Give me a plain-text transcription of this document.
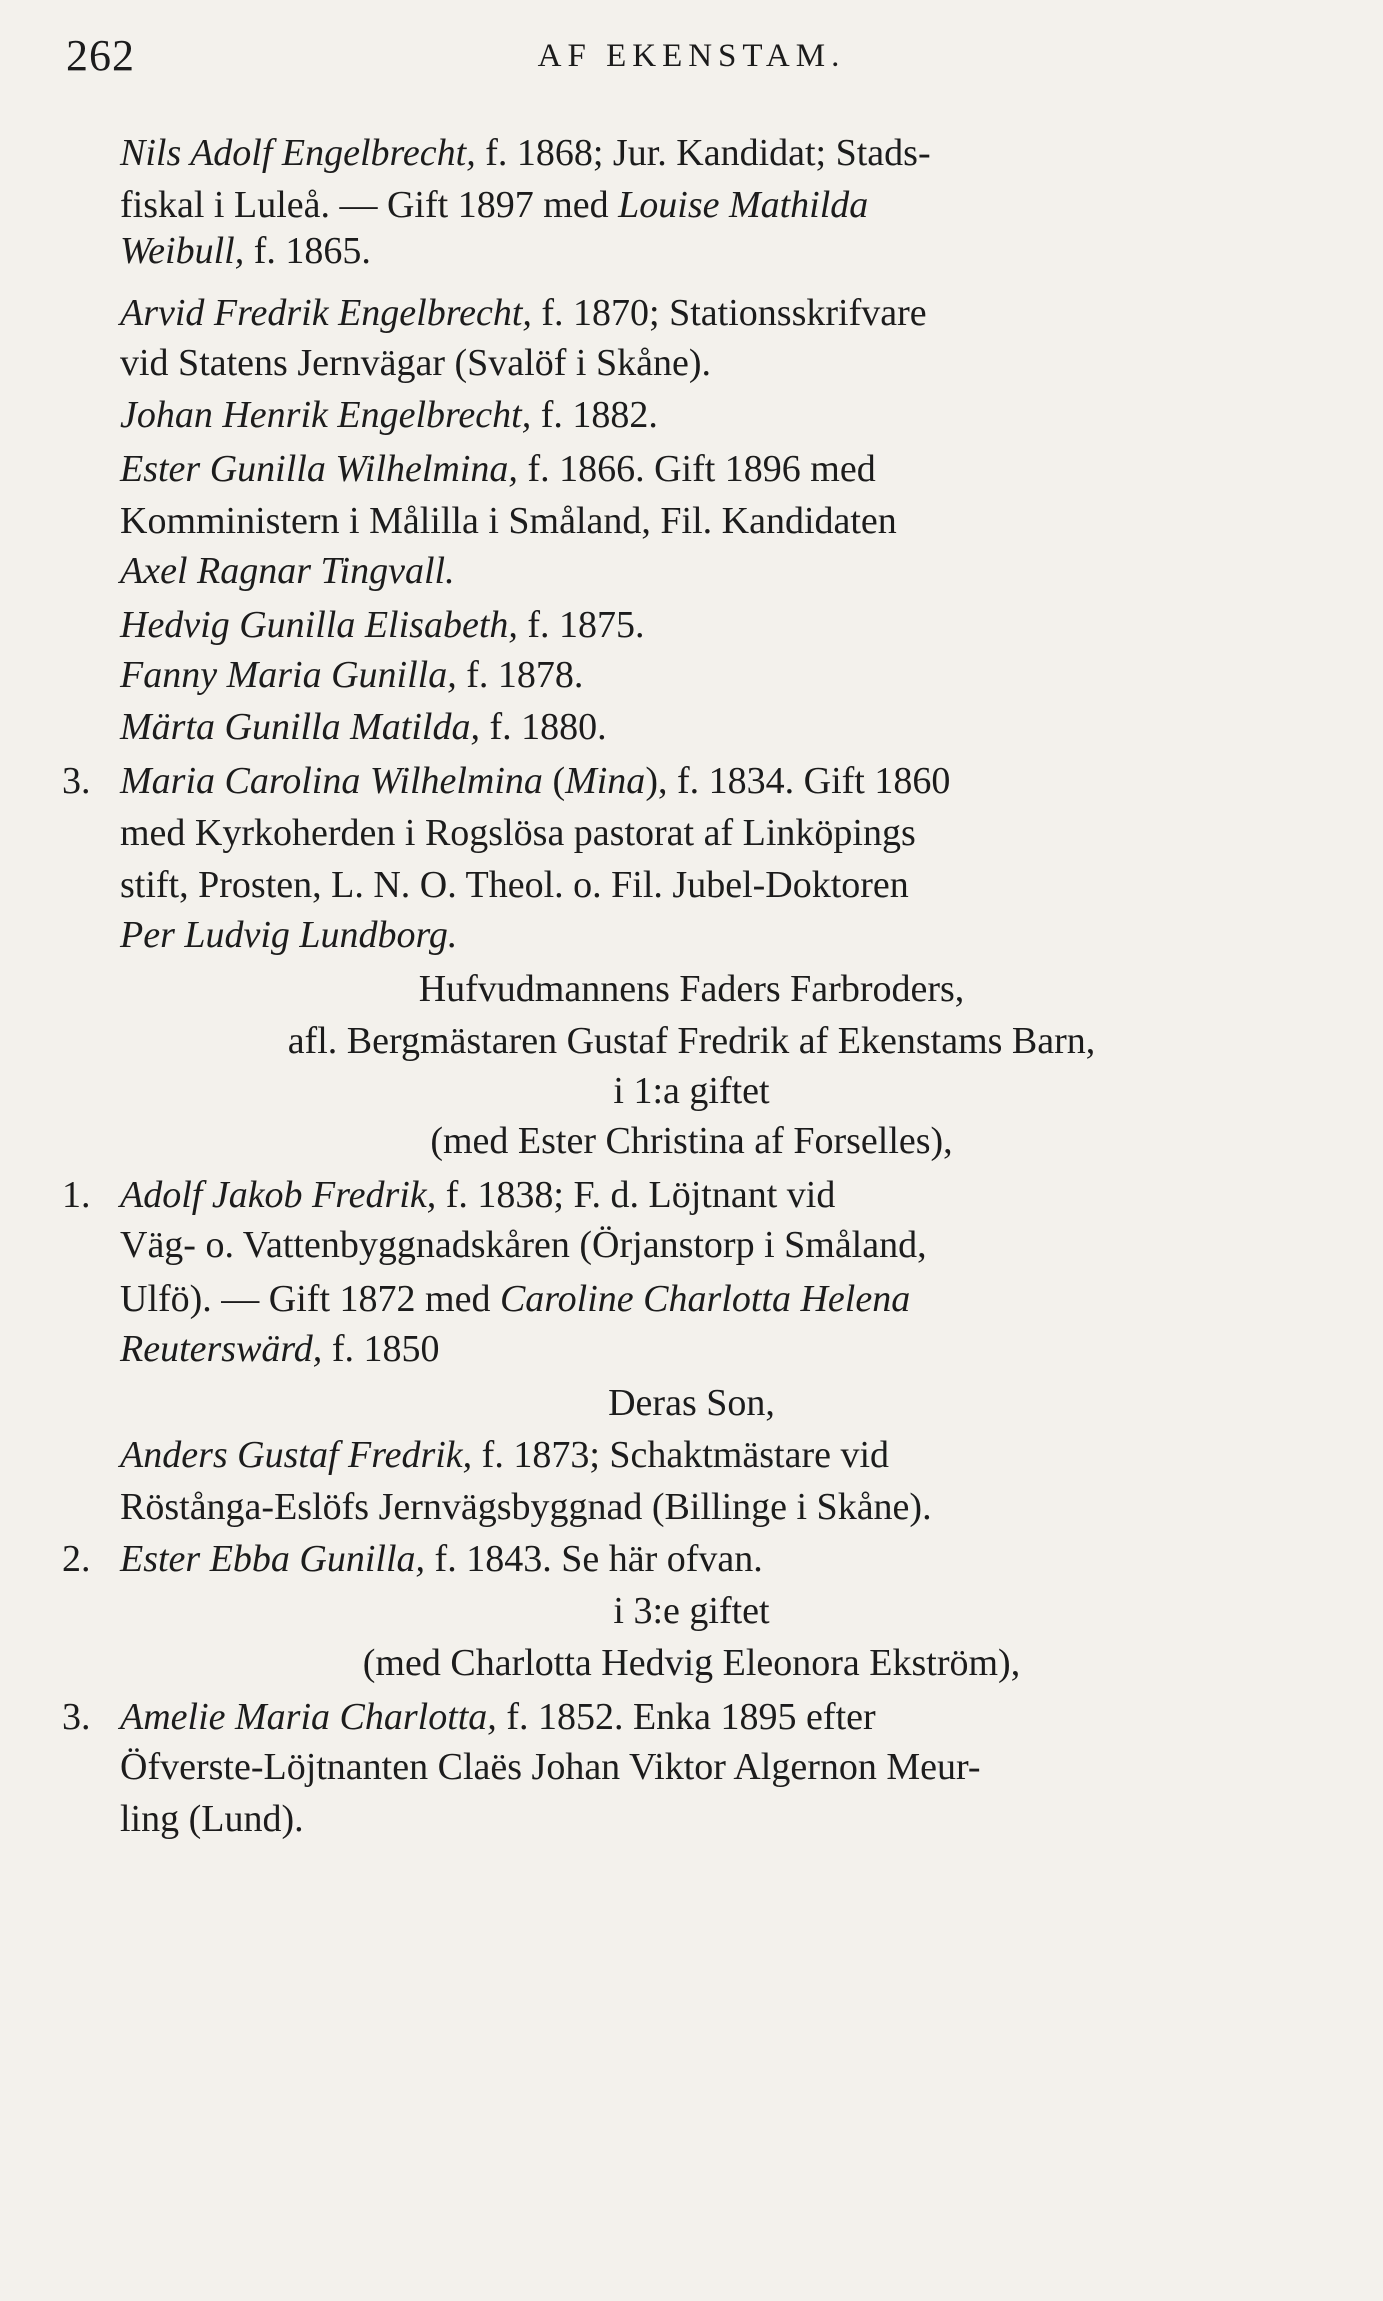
262	AF EKENSTAM.
Nils Adolf Engelbrecht, f. 1868; Jur. Kandidat; Stads-
fiskal i Luleå. — Gift 1897 med Louise Mathilda
Weibull, f. 1865.
Arvid Fredrik Engelbrecht, f. 1870; Stationsskrifvare
vid Statens Jernvägar (Svalöf i Skåne).
Johan Henrik Engelbrecht, f. 1882.
Ester Gunilla Wilhelmina, f. 1866. Gift 1896 med
Komministern i Målilla i Småland, Fil. Kandidaten
Axel Ragnar Tingvall.
Hedvig Gunilla Elisabeth, f. 1875.
Fanny Maria Gunilla, f. 1878.
Märta Gunilla Matilda, f. 1880.
3. Maria Carolina Wilhelmina (Mina), f. 1834. Gift 1860
med Kyrkoherden i Rogslösa pastorat af Linköpings
stift, Prosten, L. N. O. Theol. o. Fil. Jubel-Doktoren
Per Ludvig Lundborg.
Hufvudmannens Faders Farbroders,
afl. Bergmästaren Gustaf Fredrik af Ekenstams Barn,
i 1:a giftet
(med Ester Christina af Forselles),
1. Adolf Jakob Fredrik, f. 1838; F. d. Löjtnant vid
Väg- o. Vattenbyggnadskåren (Örjanstorp i Småland,
Ulfö). — Gift 1872 med Caroline Charlotta Helena
Reuterswärd, f. 1850
Deras Son,
Anders Gustaf Fredrik, f. 1873; Schaktmästare vid
Röstånga-Eslöfs Jernvägsbyggnad (Billinge i Skåne).
2. Ester Ebba Gunilla, f. 1843. Se här ofvan.
i 3:e giftet
(med Charlotta Hedvig Eleonora Ekström),
3. Amelie Maria Charlotta, f. 1852. Enka 1895 efter
Öfverste-Löjtnanten Claës Johan Viktor Algernon Meur-
ling (Lund).
